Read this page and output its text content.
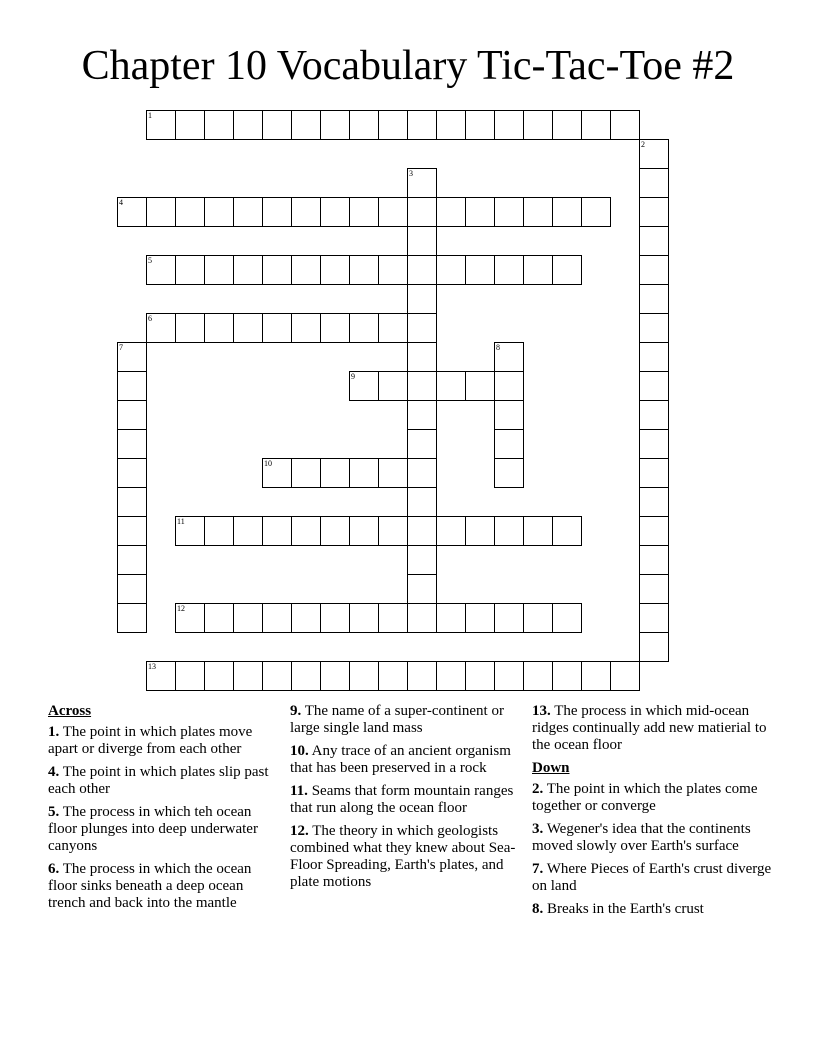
Chapter 10 Vocabulary Tic-Tac-Toe #2
1
2
3
4
5
6
7	8
9
10
11
12
13
Across
1. The point in which plates move apart or diverge from each other
4. The point in which plates slip past each other
5. The process in which teh ocean floor plunges into deep underwater canyons
6. The process in which the ocean floor sinks beneath a deep ocean trench and back into the mantle
9. The name of a super-continent or large single land mass
10. Any trace of an ancient organism that has been preserved in a rock
11. Seams that form mountain ranges that run along the ocean floor
12. The theory in which geologists combined what they knew about Sea-Floor Spreading, Earth's plates, and plate motions
13. The process in which mid-ocean ridges continually add new matierial to the ocean floor
Down
2. The point in which the plates come together or converge
3. Wegener's idea that the continents moved slowly over Earth's surface
7. Where Pieces of Earth's crust diverge on land
8. Breaks in the Earth's crust
